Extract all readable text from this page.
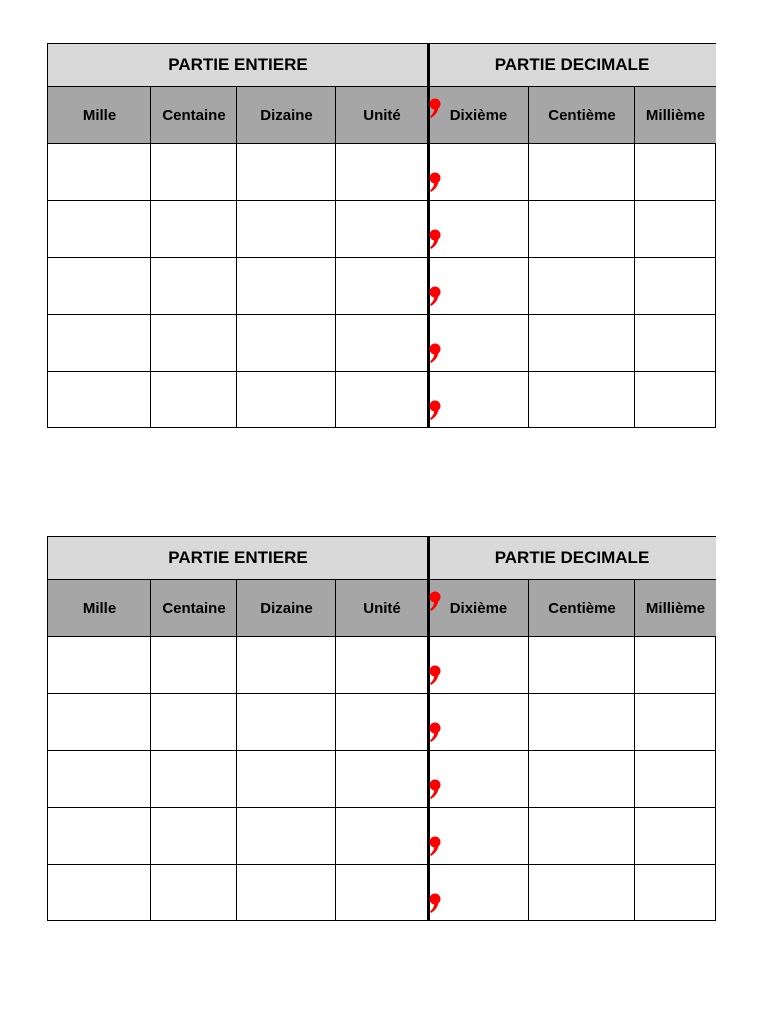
PARTIE ENTIERE	PARTIE DECIMALE
Mille	Centaine	Dizaine	Unité	Dixième	Centième	Millième
PARTIE ENTIERE	PARTIE DECIMALE
Mille	Centaine	Dizaine	Unité	Dixième	Centième	Millième
